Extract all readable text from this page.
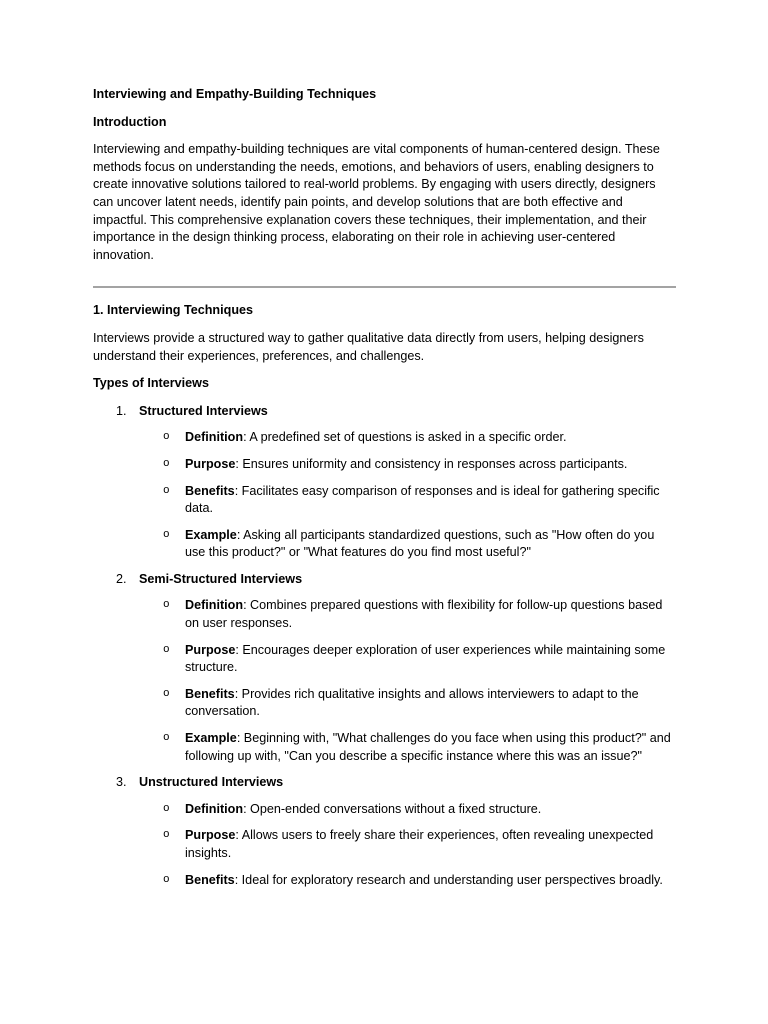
Interviewing and Empathy-Building Techniques

Introduction

Interviewing and empathy-building techniques are vital components of human-centered design. These methods focus on understanding the needs, emotions, and behaviors of users, enabling designers to create innovative solutions tailored to real-world problems. By engaging with users directly, designers can uncover latent needs, identify pain points, and develop solutions that are both effective and impactful. This comprehensive explanation covers these techniques, their implementation, and their importance in the design thinking process, elaborating on their role in achieving user-centered innovation.

1. Interviewing Techniques

Interviews provide a structured way to gather qualitative data directly from users, helping designers understand their experiences, preferences, and challenges.

Types of Interviews

1. Structured Interviews
o Definition: A predefined set of questions is asked in a specific order.
o Purpose: Ensures uniformity and consistency in responses across participants.
o Benefits: Facilitates easy comparison of responses and is ideal for gathering specific data.
o Example: Asking all participants standardized questions, such as "How often do you use this product?" or "What features do you find most useful?"
2. Semi-Structured Interviews
o Definition: Combines prepared questions with flexibility for follow-up questions based on user responses.
o Purpose: Encourages deeper exploration of user experiences while maintaining some structure.
o Benefits: Provides rich qualitative insights and allows interviewers to adapt to the conversation.
o Example: Beginning with, "What challenges do you face when using this product?" and following up with, "Can you describe a specific instance where this was an issue?"
3. Unstructured Interviews
o Definition: Open-ended conversations without a fixed structure.
o Purpose: Allows users to freely share their experiences, often revealing unexpected insights.
o Benefits: Ideal for exploratory research and understanding user perspectives broadly.
